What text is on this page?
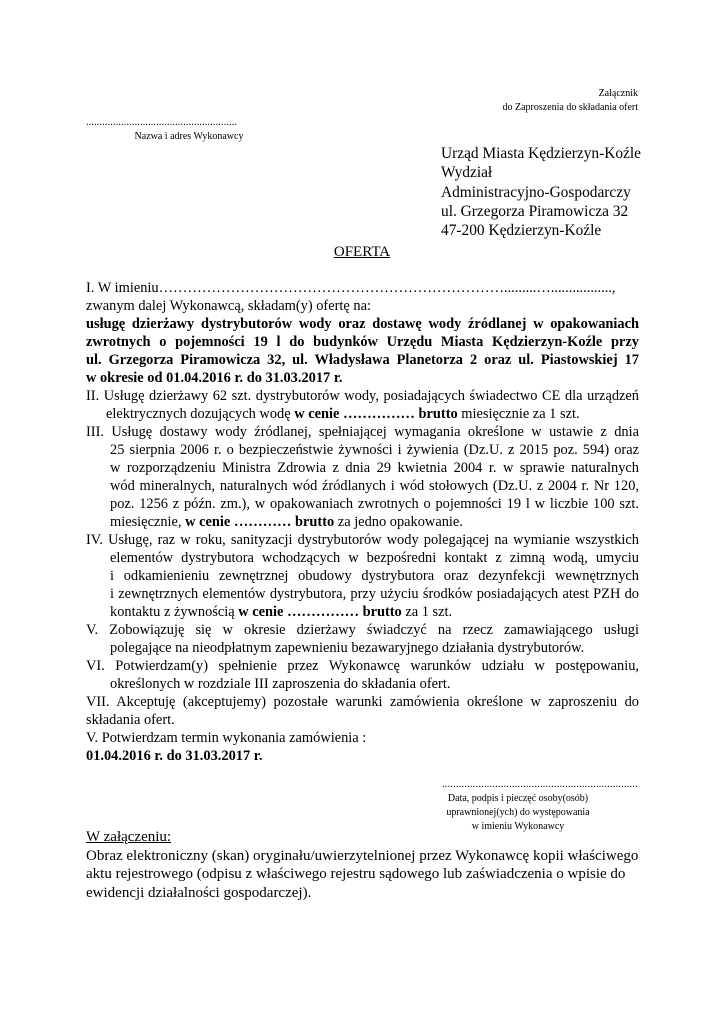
Załącznik
do Zaproszenia do składania ofert
........................................................
Nazwa i adres Wykonawcy
Urząd Miasta Kędzierzyn-Koźle
Wydział
Administracyjno-Gospodarczy
ul. Grzegorza Piramowicza 32
47-200 Kędzierzyn-Koźle
OFERTA
I. W imieniu……………………………………………………………….........….................,
zwanym dalej Wykonawcą, składam(y) ofertę na:
usługę dzierżawy dystrybutorów wody oraz dostawę wody źródlanej w opakowaniach
zwrotnych o pojemności 19 l do budynków Urzędu Miasta Kędzierzyn-Koźle przy
ul. Grzegorza Piramowicza 32, ul. Władysława Planetorza 2 oraz ul. Piastowskiej 17
w okresie od 01.04.2016 r. do 31.03.2017 r.
II. Usługę dzierżawy 62 szt. dystrybutorów wody, posiadających świadectwo CE dla urządzeń
elektrycznych dozujących wodę w cenie …………… brutto miesięcznie za 1 szt.
III. Usługę dostawy wody źródlanej, spełniającej wymagania określone w ustawie z dnia
25 sierpnia 2006 r. o bezpieczeństwie żywności i żywienia (Dz.U. z 2015 poz. 594) oraz
w rozporządzeniu Ministra Zdrowia z dnia 29 kwietnia 2004 r. w sprawie naturalnych
wód mineralnych, naturalnych wód źródlanych i wód stołowych (Dz.U. z 2004 r. Nr 120,
poz. 1256 z późn. zm.), w opakowaniach zwrotnych o pojemności 19 l w liczbie 100 szt.
miesięcznie, w cenie ………… brutto za jedno opakowanie.
IV. Usługę, raz w roku, sanityzacji dystrybutorów wody polegającej na wymianie wszystkich
elementów dystrybutora wchodzących w bezpośredni kontakt z zimną wodą, umyciu
i odkamienieniu zewnętrznej obudowy dystrybutora oraz dezynfekcji wewnętrznych
i zewnętrznych elementów dystrybutora, przy użyciu środków posiadających atest PZH do
kontaktu z żywnością w cenie …………… brutto za 1 szt.
V. Zobowiązuję się w okresie dzierżawy świadczyć na rzecz zamawiającego usługi
polegające na nieodpłatnym zapewnieniu bezawaryjnego działania dystrybutorów.
VI. Potwierdzam(y) spełnienie przez Wykonawcę warunków udziału w postępowaniu,
określonych w rozdziale III zaproszenia do składania ofert.
VII. Akceptuję (akceptujemy) pozostałe warunki zamówienia określone w zaproszeniu do
składania ofert.
V. Potwierdzam termin wykonania zamówienia :
01.04.2016 r. do 31.03.2017 r.
......................................................................
Data, podpis i pieczęć osoby(osób)
uprawnionej(ych) do występowania
w imieniu Wykonawcy
W załączeniu:
Obraz elektroniczny (skan) oryginału/uwierzytelnionej przez Wykonawcę kopii właściwego
aktu rejestrowego (odpisu z właściwego rejestru sądowego lub zaświadczenia o wpisie do
ewidencji działalności gospodarczej).
